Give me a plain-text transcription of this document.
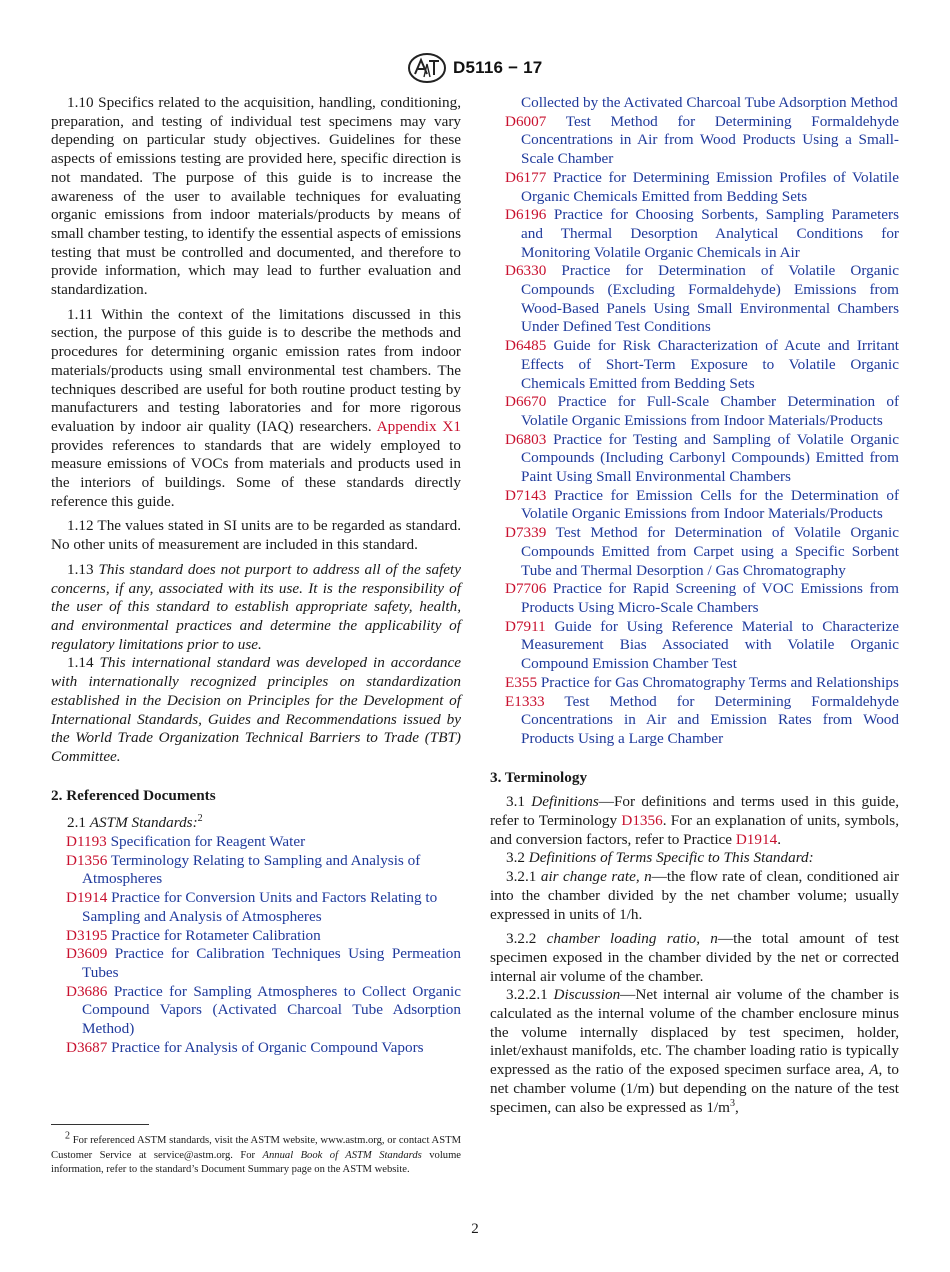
D5116 − 17

1.10 Specifics related to the acquisition, handling, conditioning, preparation, and testing of individual test specimens may vary depending on particular study objectives. Guidelines for these aspects of emissions testing are provided here, specific direction is not mandated. The purpose of this guide is to increase the awareness of the user to available techniques for evaluating organic emissions from indoor materials/products by means of small chamber testing, to identify the essential aspects of emissions testing that must be controlled and documented, and therefore to provide information, which may lead to further evaluation and standardization.

1.11 Within the context of the limitations discussed in this section, the purpose of this guide is to describe the methods and procedures for determining organic emission rates from indoor materials/products using small environmental test chambers. The techniques described are useful for both routine product testing by manufacturers and testing laboratories and for more rigorous evaluation by indoor air quality (IAQ) researchers. Appendix X1 provides references to standards that are widely employed to measure emissions of VOCs from materials and products used in the interiors of buildings. Some of these standards directly reference this guide.

1.12 The values stated in SI units are to be regarded as standard. No other units of measurement are included in this standard.

1.13 This standard does not purport to address all of the safety concerns, if any, associated with its use. It is the responsibility of the user of this standard to establish appropriate safety, health, and environmental practices and determine the applicability of regulatory limitations prior to use.

1.14 This international standard was developed in accordance with internationally recognized principles on standardization established in the Decision on Principles for the Development of International Standards, Guides and Recommendations issued by the World Trade Organization Technical Barriers to Trade (TBT) Committee.

2. Referenced Documents

2.1 ASTM Standards:$^2$

D1193 Specification for Reagent Water

D1356 Terminology Relating to Sampling and Analysis of Atmospheres

D1914 Practice for Conversion Units and Factors Relating to Sampling and Analysis of Atmospheres

D3195 Practice for Rotameter Calibration

D3609 Practice for Calibration Techniques Using Permeation Tubes

D3686 Practice for Sampling Atmospheres to Collect Organic Compound Vapors (Activated Charcoal Tube Adsorption Method)

D3687 Practice for Analysis of Organic Compound Vapors

$^2$ For referenced ASTM standards, visit the ASTM website, www.astm.org, or contact ASTM Customer Service at service@astm.org. For Annual Book of ASTM Standards volume information, refer to the standard’s Document Summary page on the ASTM website.

Collected by the Activated Charcoal Tube Adsorption Method

D6007 Test Method for Determining Formaldehyde Concentrations in Air from Wood Products Using a Small-Scale Chamber

D6177 Practice for Determining Emission Profiles of Volatile Organic Chemicals Emitted from Bedding Sets

D6196 Practice for Choosing Sorbents, Sampling Parameters and Thermal Desorption Analytical Conditions for Monitoring Volatile Organic Chemicals in Air

D6330 Practice for Determination of Volatile Organic Compounds (Excluding Formaldehyde) Emissions from Wood-Based Panels Using Small Environmental Chambers Under Defined Test Conditions

D6485 Guide for Risk Characterization of Acute and Irritant Effects of Short-Term Exposure to Volatile Organic Chemicals Emitted from Bedding Sets

D6670 Practice for Full-Scale Chamber Determination of Volatile Organic Emissions from Indoor Materials/Products

D6803 Practice for Testing and Sampling of Volatile Organic Compounds (Including Carbonyl Compounds) Emitted from Paint Using Small Environmental Chambers

D7143 Practice for Emission Cells for the Determination of Volatile Organic Emissions from Indoor Materials/Products

D7339 Test Method for Determination of Volatile Organic Compounds Emitted from Carpet using a Specific Sorbent Tube and Thermal Desorption / Gas Chromatography

D7706 Practice for Rapid Screening of VOC Emissions from Products Using Micro-Scale Chambers

D7911 Guide for Using Reference Material to Characterize Measurement Bias Associated with Volatile Organic Compound Emission Chamber Test

E355 Practice for Gas Chromatography Terms and Relationships

E1333 Test Method for Determining Formaldehyde Concentrations in Air and Emission Rates from Wood Products Using a Large Chamber

3. Terminology

3.1 Definitions—For definitions and terms used in this guide, refer to Terminology D1356. For an explanation of units, symbols, and conversion factors, refer to Practice D1914.

3.2 Definitions of Terms Specific to This Standard:

3.2.1 air change rate, n—the flow rate of clean, conditioned air into the chamber divided by the net chamber volume; usually expressed in units of 1/h.

3.2.2 chamber loading ratio, n—the total amount of test specimen exposed in the chamber divided by the net or corrected internal air volume of the chamber.

3.2.2.1 Discussion—Net internal air volume of the chamber is calculated as the internal volume of the chamber enclosure minus the volume internally displaced by test specimen, holder, inlet/exhaust manifolds, etc. The chamber loading ratio is typically expressed as the ratio of the exposed specimen surface area, A, to net chamber volume (1/m) but depending on the nature of the test specimen, can also be expressed as $1/m^3$,

2
